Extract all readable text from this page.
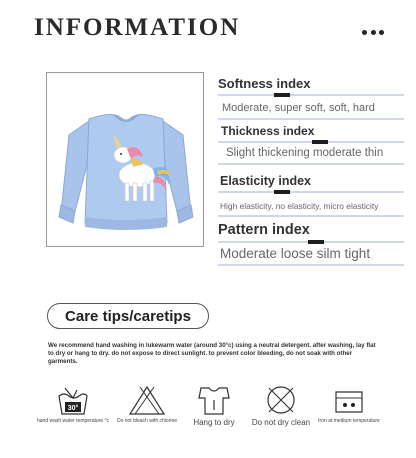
INFORMATION
Softness index
Moderate, super soft, soft, hard
Thickness index
Slight thickening moderate thin
Elasticity index
High elasticity, no elasticity, micro elasticity
Pattern index
Moderate loose silm tight
Care tips/caretips
We recommend hand washing in lukewarm water (around 30°c) using a neutral detergent. after washing, lay flat to dry or hang to dry. do not expose to direct sunlight. to prevent color bleeding, do not soak with other garments.
30°
hand wash water temperature °c Do not bleach with chlorine Hang to dry Do not dry clean Iron at medium temperature
